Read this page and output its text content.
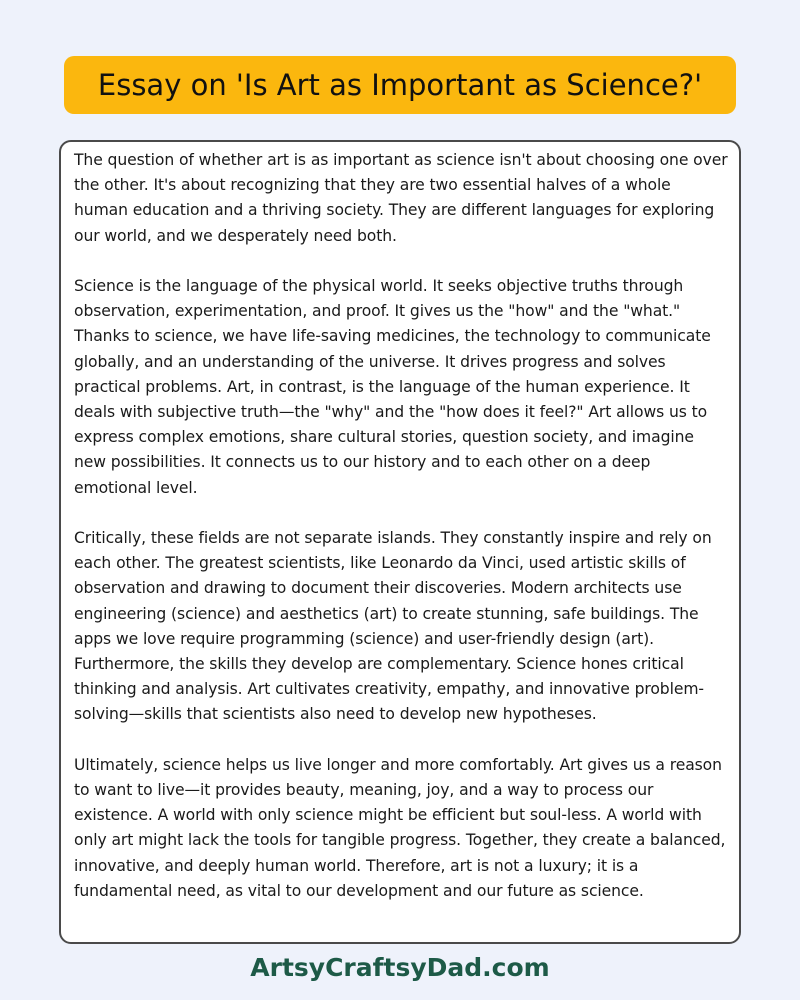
Essay on 'Is Art as Important as Science?'

The question of whether art is as important as science isn't about choosing one over the other. It's about recognizing that they are two essential halves of a whole human education and a thriving society. They are different languages for exploring our world, and we desperately need both.

Science is the language of the physical world. It seeks objective truths through observation, experimentation, and proof. It gives us the "how" and the "what." Thanks to science, we have life-saving medicines, the technology to communicate globally, and an understanding of the universe. It drives progress and solves practical problems. Art, in contrast, is the language of the human experience. It deals with subjective truth—the "why" and the "how does it feel?" Art allows us to express complex emotions, share cultural stories, question society, and imagine new possibilities. It connects us to our history and to each other on a deep emotional level.

Critically, these fields are not separate islands. They constantly inspire and rely on each other. The greatest scientists, like Leonardo da Vinci, used artistic skills of observation and drawing to document their discoveries. Modern architects use engineering (science) and aesthetics (art) to create stunning, safe buildings. The apps we love require programming (science) and user-friendly design (art). Furthermore, the skills they develop are complementary. Science hones critical thinking and analysis. Art cultivates creativity, empathy, and innovative problem-solving—skills that scientists also need to develop new hypotheses.

Ultimately, science helps us live longer and more comfortably. Art gives us a reason to want to live—it provides beauty, meaning, joy, and a way to process our existence. A world with only science might be efficient but soul-less. A world with only art might lack the tools for tangible progress. Together, they create a balanced, innovative, and deeply human world. Therefore, art is not a luxury; it is a fundamental need, as vital to our development and our future as science.

ArtsyCraftsyDad.com
